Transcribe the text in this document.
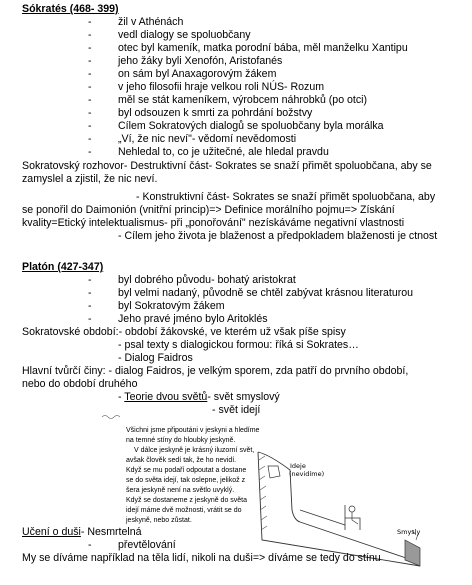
Sókratés (468- 399)
- žil v Athénách
- vedl dialogy se spoluobčany
- otec byl kameník, matka porodní bába, měl manželku Xantipu
- jeho žáky byli Xenofón, Aristofanés
- on sám byl Anaxagorovým žákem
- v jeho filosofii hraje velkou roli NÚS- Rozum
- měl se stát kameníkem, výrobcem náhrobků (po otci)
- byl odsouzen k smrti za pohrdání božstvy
- Cílem Sokratových dialogů se spoluobčany byla morálka
- „Ví, že nic neví"- vědomí nevědomosti
- Nehledal to, co je užitečné, ale hledal pravdu
Sokratovský rozhovor- Destruktivní část- Sokrates se snaží přimět spoluobčana, aby se
zamyslel a zjistil, že nic neví.
- Konstruktivní část- Sokrates se snaží přimět spoluobčana, aby
se ponořil do Daimonión (vnitřní princip)=> Definice morálního pojmu=> Získání
kvality=Etický intelektualismus- při „ponořování" nezískáváme negativní vlastnosti
- Cílem jeho života je blaženost a předpokladem blaženosti je ctnost
Platón (427-347)
- byl dobrého původu- bohatý aristokrat
- byl velmi nadaný, původně se chtěl zabývat krásnou literaturou
- byl Sokratovým žákem
- Jeho pravé jméno bylo Aritoklés
Sokratovské období:- období žákovské, ve kterém už však píše spisy
- psal texty s dialogickou formou: říká si Sokrates…
- Dialog Faidros
Hlavní tvůrčí činy: - dialog Faidros, je velkým sporem, zda patří do prvního období,
nebo do období druhého
- Teorie dvou světů- svět smyslový
- svět idejí
Všichni jsme připoutáni v jeskyni a hledíme
na temné stíny do hloubky jeskyně.
V dálce jeskyně je krásný iluzorní svět,
avšak člověk sedí tak, že ho nevidí.
Když se mu podaří odpoutat a dostane
se do světa idejí, tak oslepne, jelikož z
šera jeskyně není na světlo uvyklý.
Když se dostaneme z jeskyně do světa
idejí máme dvě možnosti, vrátit se do
jeskyně, nebo zůstat.
Ideje
(nevidíme)
Smysly
Učení o duši- Nesmrtelná
- převtělování
My se díváme například na těla lidí, nikoli na duši=> díváme se tedy do stínu
